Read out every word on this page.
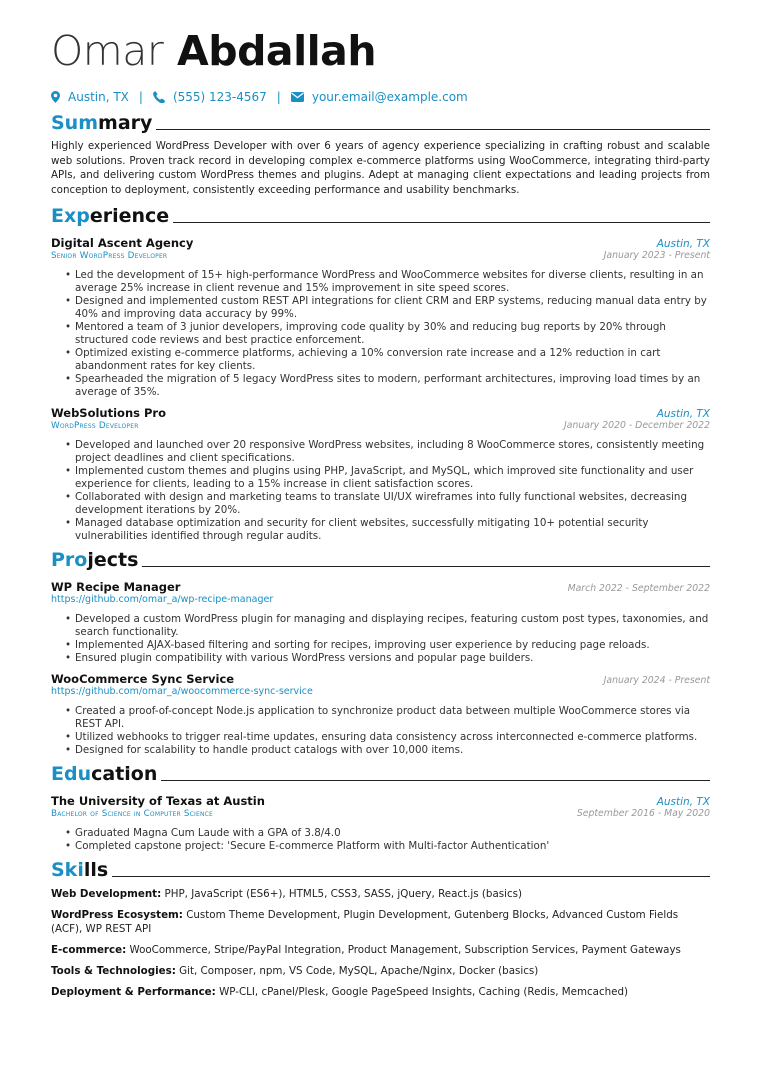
Omar Abdallah
Austin, TX |	(555) 123-4567 |	your.email@example.com
Summary

Highly experienced WordPress Developer with over 6 years of agency experience specializing in crafting robust and scalable web solutions. Proven track record in developing complex e-commerce platforms using WooCommerce, integrating third-party APIs, and delivering custom WordPress themes and plugins. Adept at managing client expectations and leading projects from conception to deployment, consistently exceeding performance and usability benchmarks.

Experience
Digital Ascent Agency	Austin, TX
Senior WordPress Developer	January 2023 - Present
• Led the development of 15+ high-performance WordPress and WooCommerce websites for diverse clients, resulting in an average 25% increase in client revenue and 15% improvement in site speed scores.
• Designed and implemented custom REST API integrations for client CRM and ERP systems, reducing manual data entry by 40% and improving data accuracy by 99%.
• Mentored a team of 3 junior developers, improving code quality by 30% and reducing bug reports by 20% through structured code reviews and best practice enforcement.
• Optimized existing e-commerce platforms, achieving a 10% conversion rate increase and a 12% reduction in cart abandonment rates for key clients.
• Spearheaded the migration of 5 legacy WordPress sites to modern, performant architectures, improving load times by an average of 35%.
WebSolutions Pro	Austin, TX
WordPress Developer	January 2020 - December 2022
• Developed and launched over 20 responsive WordPress websites, including 8 WooCommerce stores, consistently meeting project deadlines and client specifications.
• Implemented custom themes and plugins using PHP, JavaScript, and MySQL, which improved site functionality and user experience for clients, leading to a 15% increase in client satisfaction scores.
• Collaborated with design and marketing teams to translate UI/UX wireframes into fully functional websites, decreasing development iterations by 20%.
• Managed database optimization and security for client websites, successfully mitigating 10+ potential security vulnerabilities identified through regular audits.
Projects
WP Recipe Manager	March 2022 - September 2022
https://github.com/omar_a/wp-recipe-manager
• Developed a custom WordPress plugin for managing and displaying recipes, featuring custom post types, taxonomies, and search functionality.
• Implemented AJAX-based filtering and sorting for recipes, improving user experience by reducing page reloads.
• Ensured plugin compatibility with various WordPress versions and popular page builders.
WooCommerce Sync Service	January 2024 - Present
https://github.com/omar_a/woocommerce-sync-service
• Created a proof-of-concept Node.js application to synchronize product data between multiple WooCommerce stores via REST API.
• Utilized webhooks to trigger real-time updates, ensuring data consistency across interconnected e-commerce platforms.
• Designed for scalability to handle product catalogs with over 10,000 items.
Education
The University of Texas at Austin	Austin, TX
Bachelor of Science in Computer Science	September 2016 - May 2020
• Graduated Magna Cum Laude with a GPA of 3.8/4.0
• Completed capstone project: 'Secure E-commerce Platform with Multi-factor Authentication'
Skills

Web Development: PHP, JavaScript (ES6+), HTML5, CSS3, SASS, jQuery, React.js (basics)

WordPress Ecosystem: Custom Theme Development, Plugin Development, Gutenberg Blocks, Advanced Custom Fields (ACF), WP REST API

E-commerce: WooCommerce, Stripe/PayPal Integration, Product Management, Subscription Services, Payment Gateways

Tools & Technologies: Git, Composer, npm, VS Code, MySQL, Apache/Nginx, Docker (basics)

Deployment & Performance: WP-CLI, cPanel/Plesk, Google PageSpeed Insights, Caching (Redis, Memcached)
